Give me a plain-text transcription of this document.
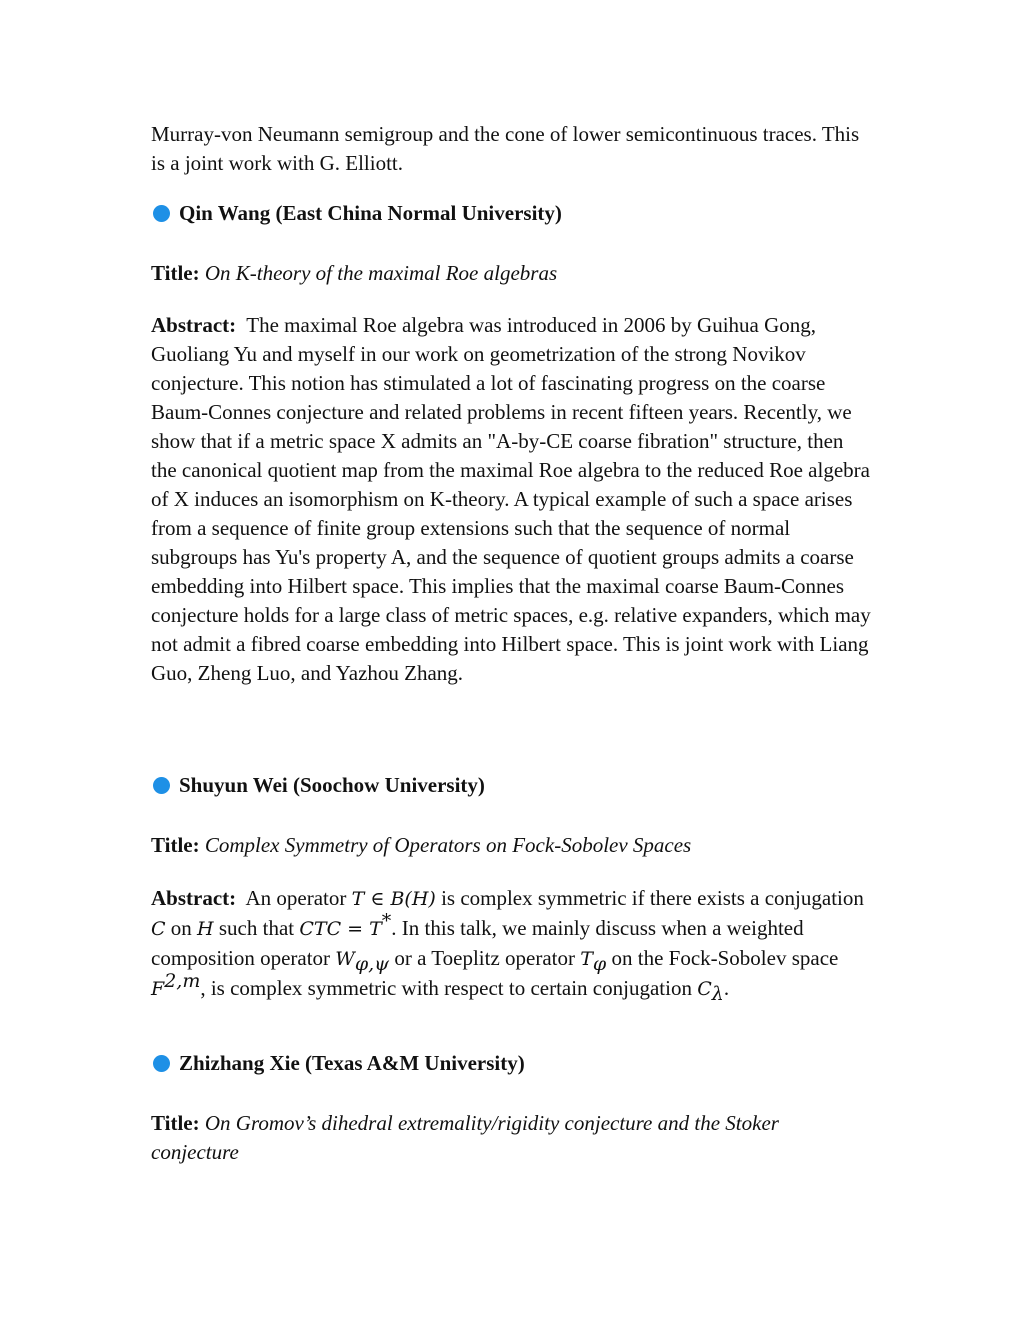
Murray-von Neumann semigroup and the cone of lower semicontinuous traces. This is a joint work with G. Elliott.

Qin Wang (East China Normal University)

Title: On K-theory of the maximal Roe algebras

Abstract: The maximal Roe algebra was introduced in 2006 by Guihua Gong, Guoliang Yu and myself in our work on geometrization of the strong Novikov conjecture. This notion has stimulated a lot of fascinating progress on the coarse Baum-Connes conjecture and related problems in recent fifteen years. Recently, we show that if a metric space X admits an "A-by-CE coarse fibration" structure, then the canonical quotient map from the maximal Roe algebra to the reduced Roe algebra of X induces an isomorphism on K-theory. A typical example of such a space arises from a sequence of finite group extensions such that the sequence of normal subgroups has Yu's property A, and the sequence of quotient groups admits a coarse embedding into Hilbert space. This implies that the maximal coarse Baum-Connes conjecture holds for a large class of metric spaces, e.g. relative expanders, which may not admit a fibred coarse embedding into Hilbert space. This is joint work with Liang Guo, Zheng Luo, and Yazhou Zhang.

Shuyun Wei (Soochow University)

Title: Complex Symmetry of Operators on Fock-Sobolev Spaces

Abstract: An operator T ∈ B(H) is complex symmetric if there exists a conjugation C on H such that CTC = T*. In this talk, we mainly discuss when a weighted composition operator $W_{\varphi,\psi}$ or a Toeplitz operator $T_\varphi$ on the Fock-Sobolev space F$^{2,m}$, is complex symmetric with respect to certain conjugation $C_\lambda$.

Zhizhang Xie (Texas A&M University)

Title: On Gromov’s dihedral extremality/rigidity conjecture and the Stoker conjecture
